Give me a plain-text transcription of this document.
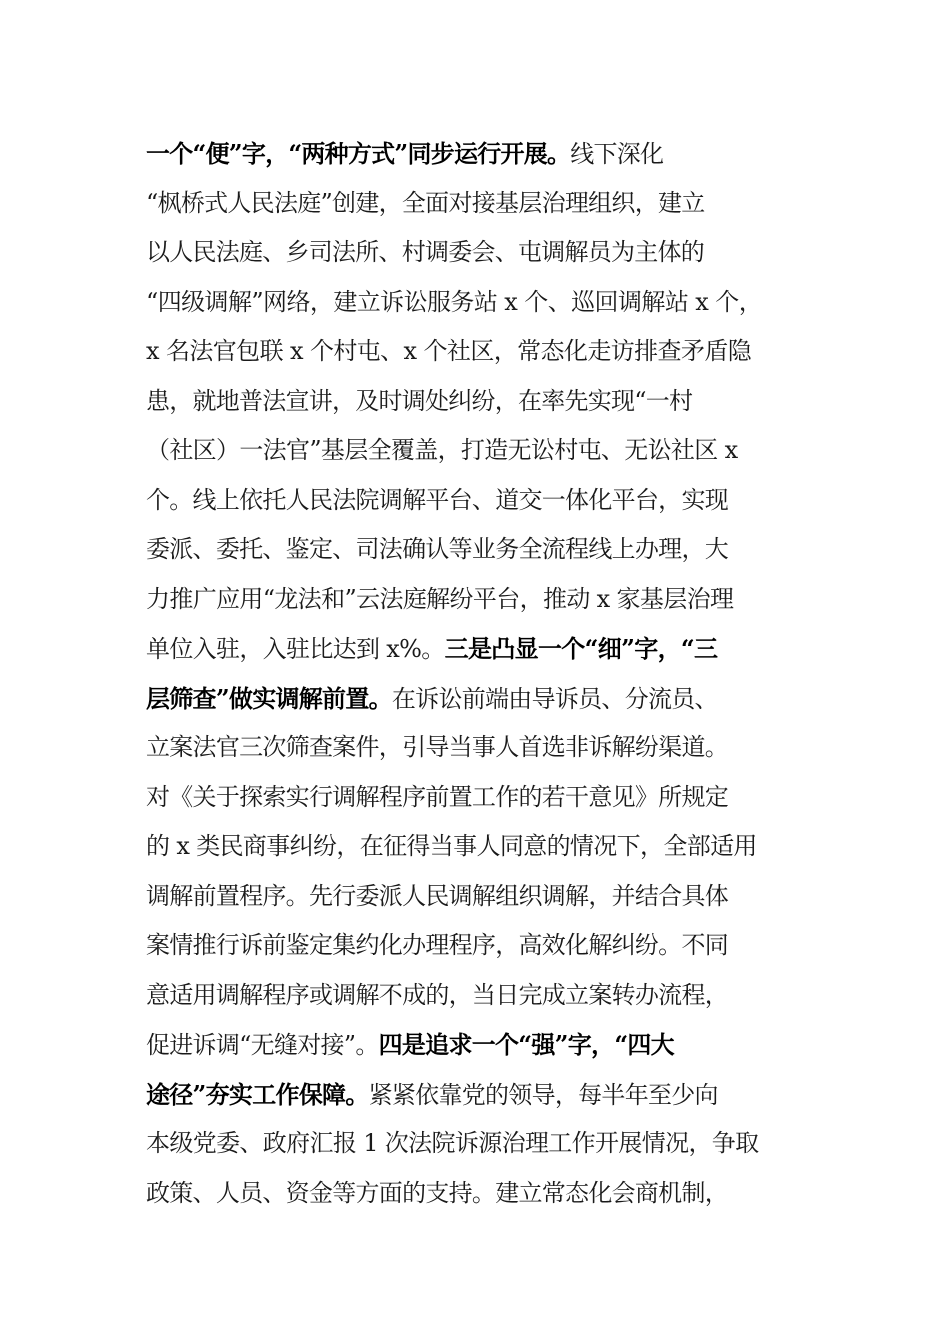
一个“便”字，“两种方式”同步运行开展。线下深化
“枫桥式人民法庭”创建，全面对接基层治理组织，建立
以人民法庭、乡司法所、村调委会、屯调解员为主体的
“四级调解”网络，建立诉讼服务站 x 个、巡回调解站 x 个，
x 名法官包联 x 个村屯、x 个社区，常态化走访排查矛盾隐
患，就地普法宣讲，及时调处纠纷，在率先实现“一村
（社区）一法官”基层全覆盖，打造无讼村屯、无讼社区 x
个。线上依托人民法院调解平台、道交一体化平台，实现
委派、委托、鉴定、司法确认等业务全流程线上办理，大
力推广应用“龙法和”云法庭解纷平台，推动 x 家基层治理
单位入驻，入驻比达到 x%。三是凸显一个“细”字，“三
层筛查”做实调解前置。在诉讼前端由导诉员、分流员、
立案法官三次筛查案件，引导当事人首选非诉解纷渠道。
对《关于探索实行调解程序前置工作的若干意见》所规定
的 x 类民商事纠纷，在征得当事人同意的情况下，全部适用
调解前置程序。先行委派人民调解组织调解，并结合具体
案情推行诉前鉴定集约化办理程序，高效化解纠纷。不同
意适用调解程序或调解不成的，当日完成立案转办流程，
促进诉调“无缝对接”。四是追求一个“强”字，“四大
途径”夯实工作保障。紧紧依靠党的领导，每半年至少向
本级党委、政府汇报 1 次法院诉源治理工作开展情况，争取
政策、人员、资金等方面的支持。建立常态化会商机制，
